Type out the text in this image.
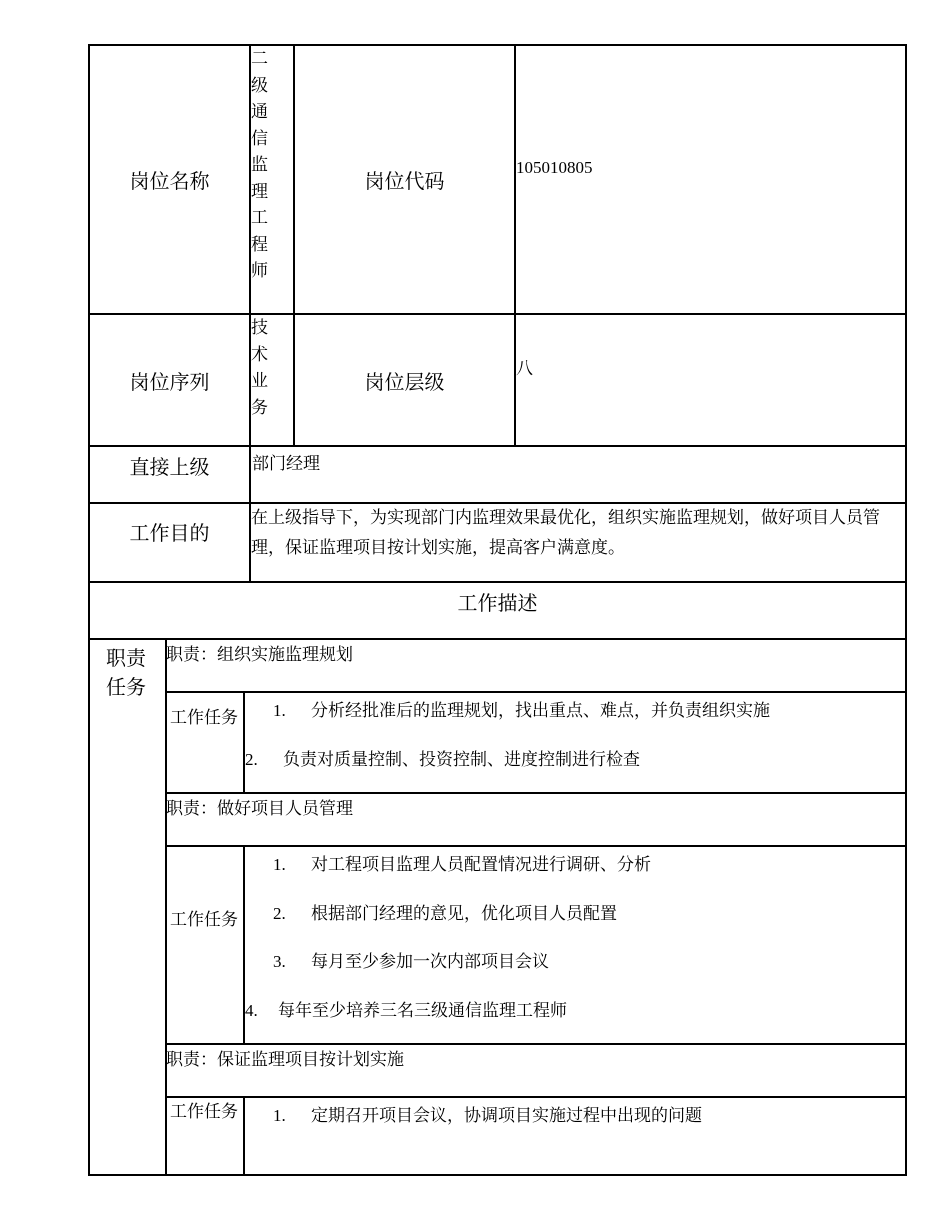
岗位名称
二级通信监理工程师
岗位代码
105010805
岗位序列
技术业务
岗位层级
八
直接上级	部门经理
工作目的
在上级指导下，为实现部门内监理效果最优化，组织实施监理规划，做好项目人员管理，保证监理项目按计划实施，提高客户满意度。
工作描述
职责任务
职责：组织实施监理规划
工作任务 1. 分析经批准后的监理规划，找出重点、难点，并负责组织实施
2. 负责对质量控制、投资控制、进度控制进行检查
职责：做好项目人员管理
工作任务
1. 对工程项目监理人员配置情况进行调研、分析
2. 根据部门经理的意见，优化项目人员配置
3. 每月至少参加一次内部项目会议
4. 每年至少培养三名三级通信监理工程师
职责：保证监理项目按计划实施
工作任务 1. 定期召开项目会议，协调项目实施过程中出现的问题
